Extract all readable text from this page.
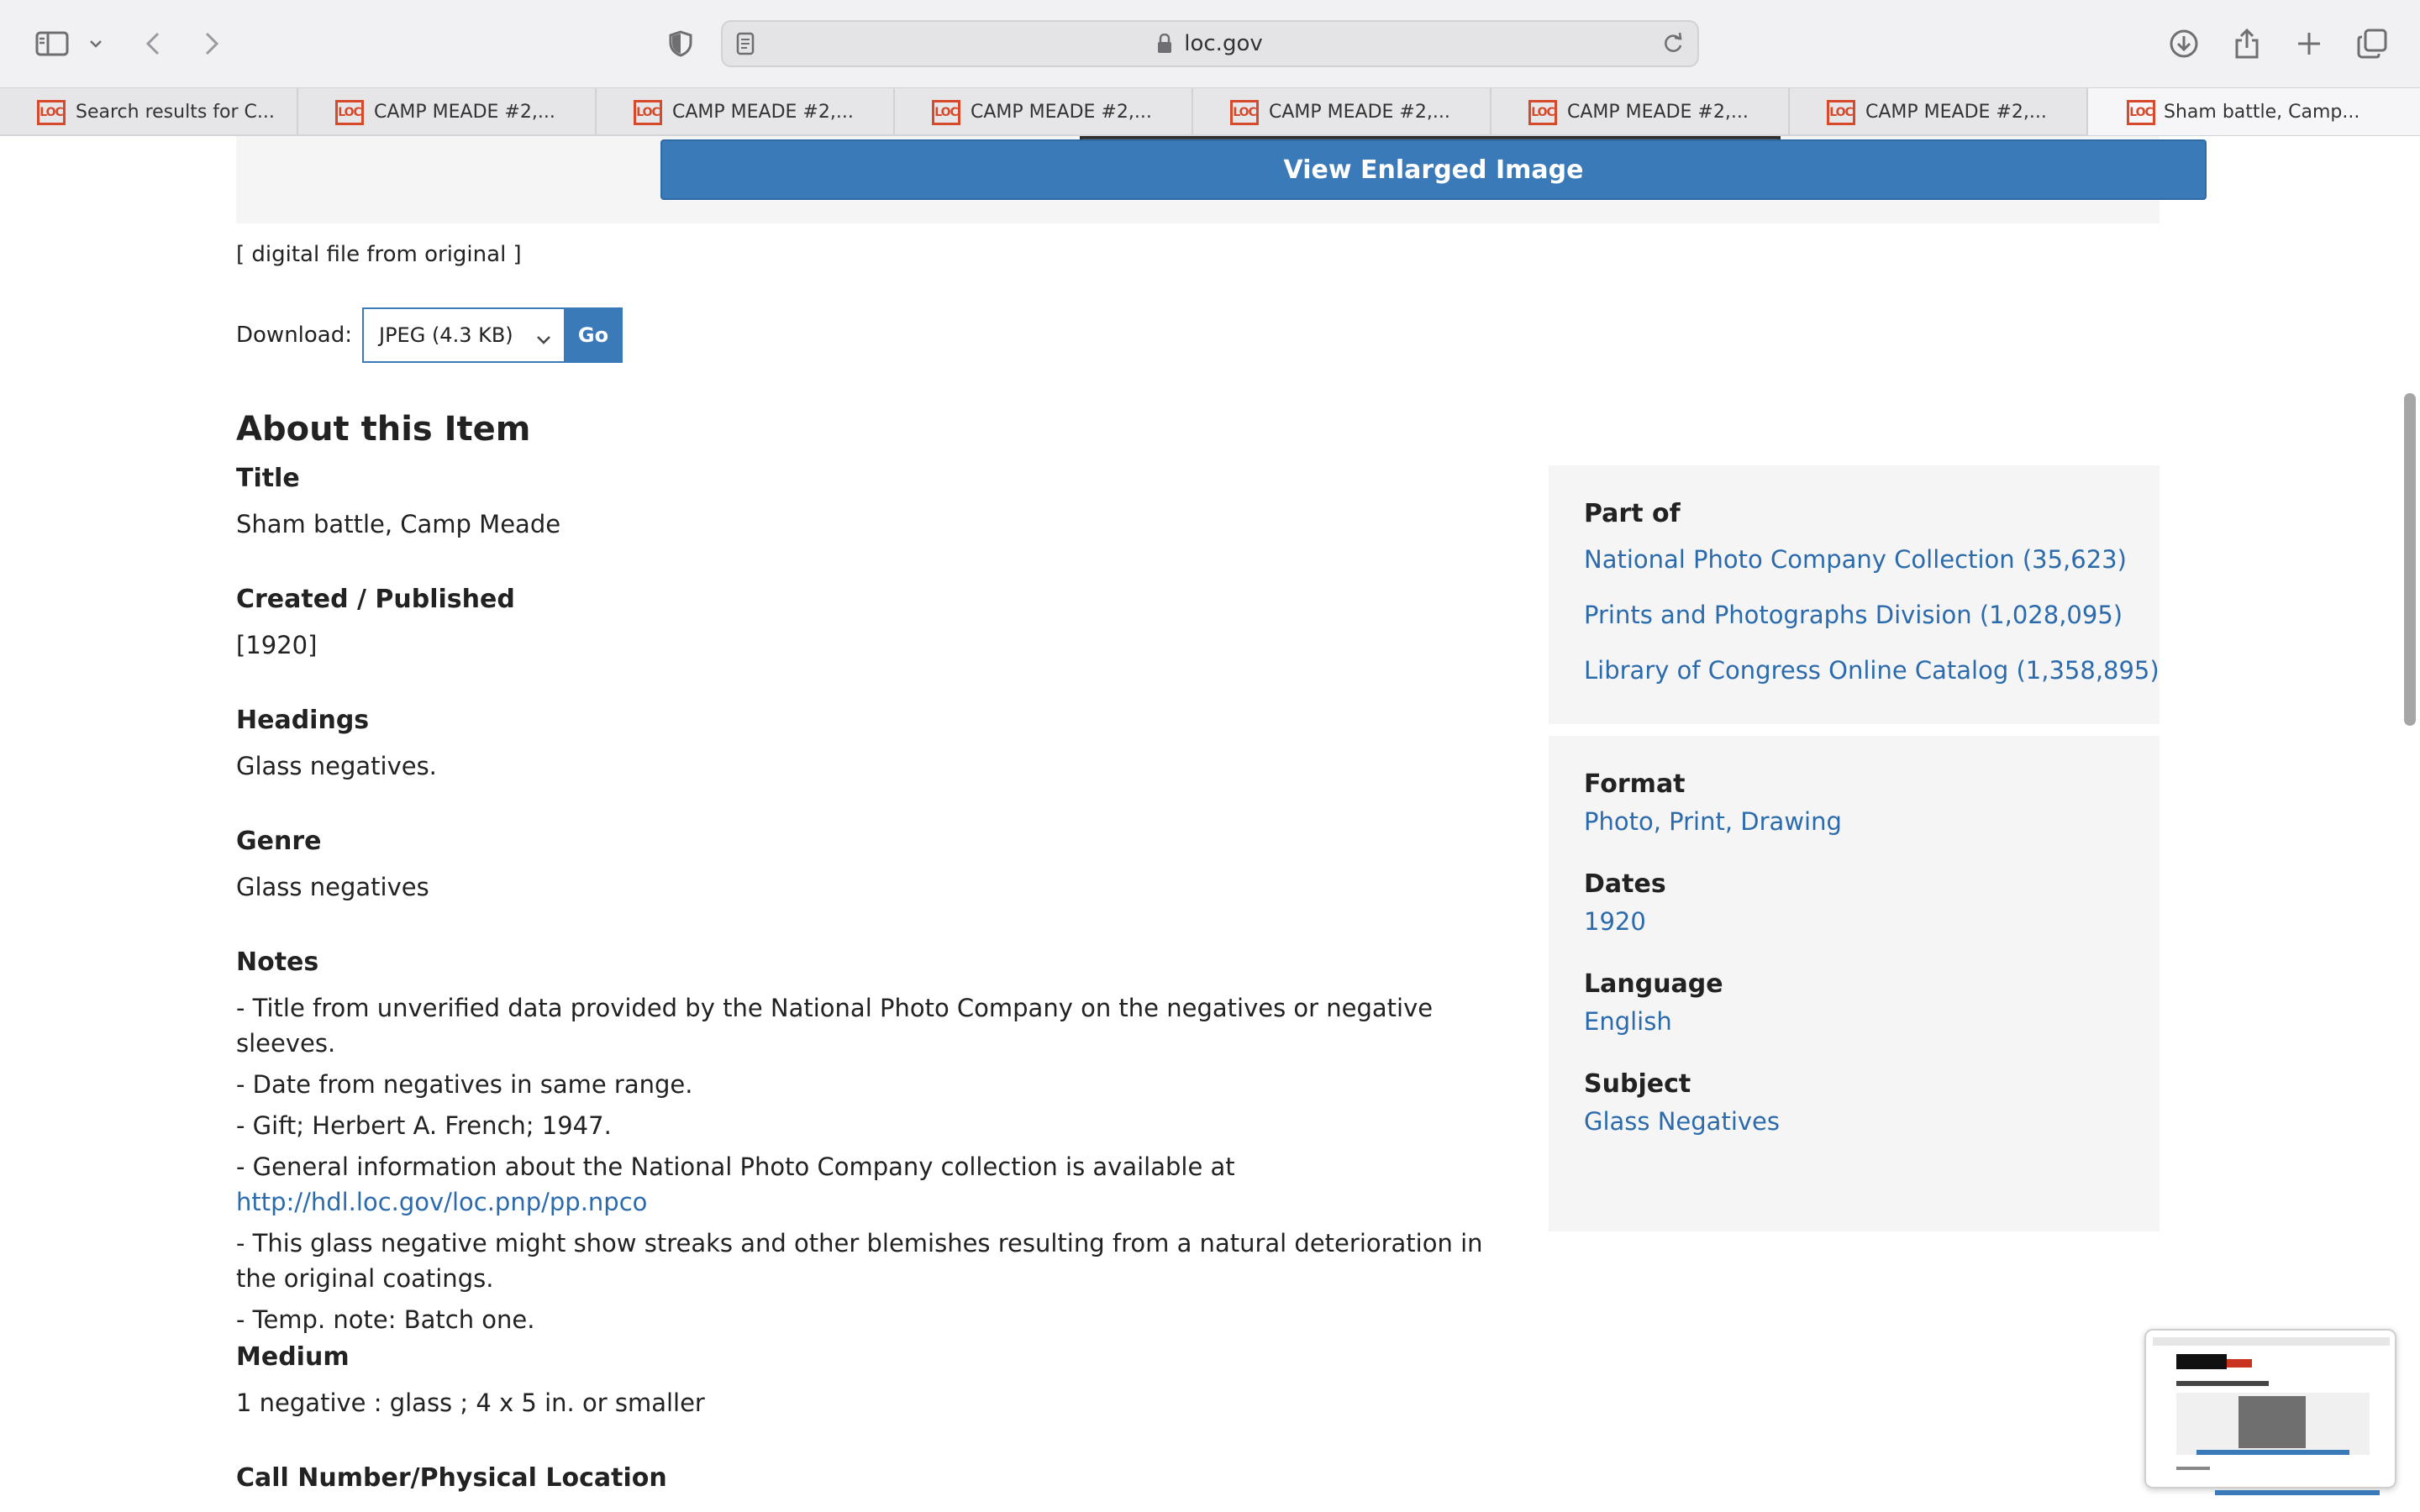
loc.gov
LOC Search results for C...	LOC CAMP MEADE #2,...	LOC CAMP MEADE #2,...	LOC CAMP MEADE #2,...	LOC CAMP MEADE #2,...	LOC CAMP MEADE #2,...	LOC CAMP MEADE #2,...	LOC Sham battle, Camp...
View Enlarged Image
[ digital file from original ]
Download: JPEG (4.3 KB)	Go
About this Item
Title
Sham battle, Camp Meade
Created / Published
[1920]
Headings
Glass negatives.
Genre
Glass negatives
Notes
- Title from unverified data provided by the National Photo Company on the negatives or negative sleeves.
- Date from negatives in same range.
- Gift; Herbert A. French; 1947.
- General information about the National Photo Company collection is available at
http://hdl.loc.gov/loc.pnp/pp.npco
- This glass negative might show streaks and other blemishes resulting from a natural deterioration in the original coatings.
- Temp. note: Batch one.
Medium
1 negative : glass ; 4 x 5 in. or smaller
Call Number/Physical Location
Part of
National Photo Company Collection (35,623)
Prints and Photographs Division (1,028,095)
Library of Congress Online Catalog (1,358,895)
Format
Photo, Print, Drawing
Dates
1920
Language
English
Subject
Glass Negatives
